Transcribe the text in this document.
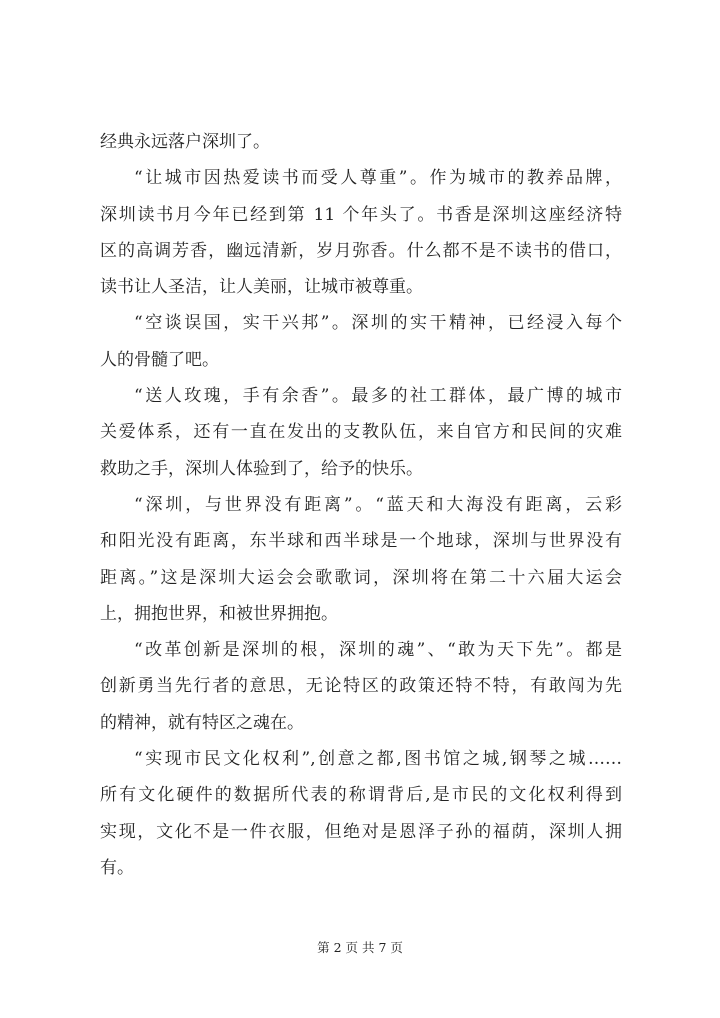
经典永远落户深圳了。
“让城市因热爱读书而受人尊重”。作为城市的教养品牌，
深圳读书月今年已经到第 11 个年头了。书香是深圳这座经济特
区的高调芳香，幽远清新，岁月弥香。什么都不是不读书的借口，
读书让人圣洁，让人美丽，让城市被尊重。
“空谈误国，实干兴邦”。深圳的实干精神，已经浸入每个
人的骨髓了吧。
“送人玫瑰，手有余香”。最多的社工群体，最广博的城市
关爱体系，还有一直在发出的支教队伍，来自官方和民间的灾难
救助之手，深圳人体验到了，给予的快乐。
“深圳，与世界没有距离”。“蓝天和大海没有距离，云彩
和阳光没有距离，东半球和西半球是一个地球，深圳与世界没有
距离。”这是深圳大运会会歌歌词，深圳将在第二十六届大运会
上，拥抱世界，和被世界拥抱。
“改革创新是深圳的根，深圳的魂”、“敢为天下先”。都是
创新勇当先行者的意思，无论特区的政策还特不特，有敢闯为先
的精神，就有特区之魂在。
“实现市民文化权利”,创意之都,图书馆之城,钢琴之城……
所有文化硬件的数据所代表的称谓背后,是市民的文化权利得到
实现，文化不是一件衣服，但绝对是恩泽子孙的福荫，深圳人拥
有。
第 2 页 共 7 页
